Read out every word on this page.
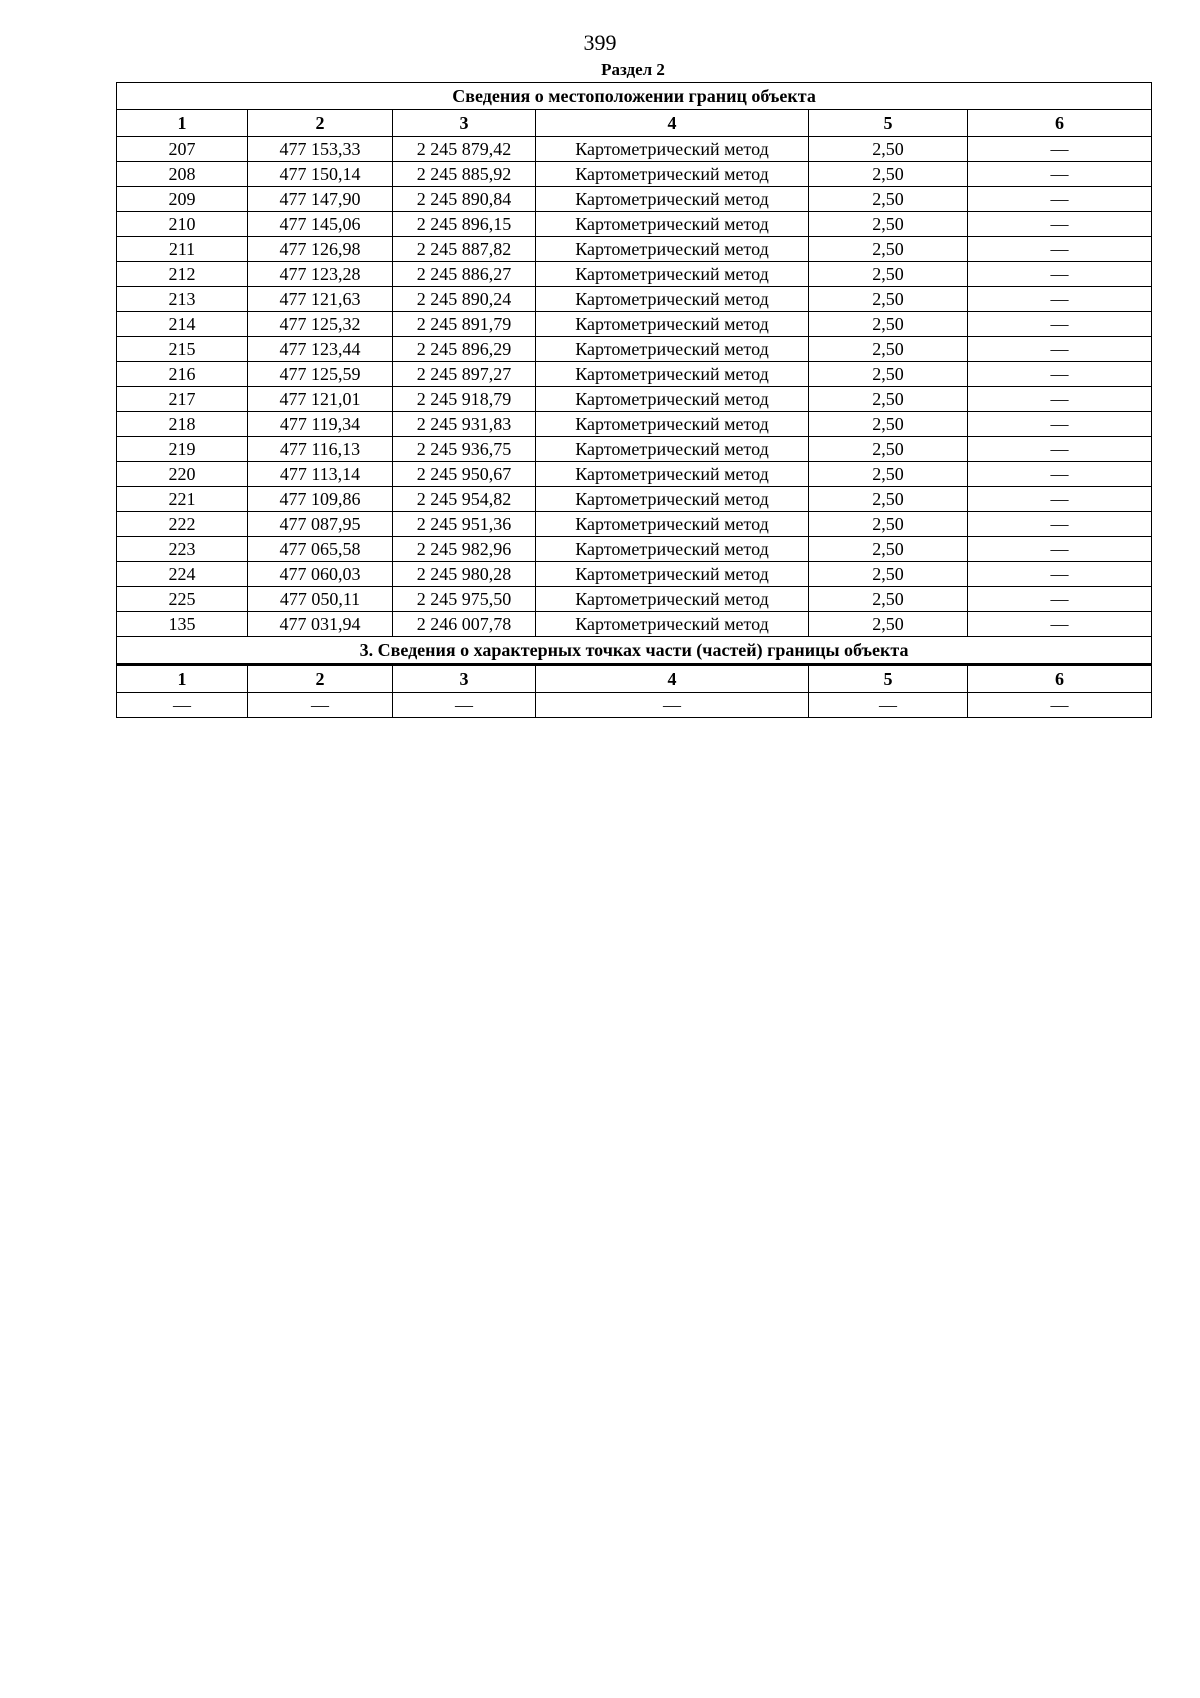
399
Раздел 2
Сведения о местоположении границ объекта					
1	2	3	4	5	6
207	477 153,33	2 245 879,42	Картометрический метод	2,50	—
208	477 150,14	2 245 885,92	Картометрический метод	2,50	—
209	477 147,90	2 245 890,84	Картометрический метод	2,50	—
210	477 145,06	2 245 896,15	Картометрический метод	2,50	—
211	477 126,98	2 245 887,82	Картометрический метод	2,50	—
212	477 123,28	2 245 886,27	Картометрический метод	2,50	—
213	477 121,63	2 245 890,24	Картометрический метод	2,50	—
214	477 125,32	2 245 891,79	Картометрический метод	2,50	—
215	477 123,44	2 245 896,29	Картометрический метод	2,50	—
216	477 125,59	2 245 897,27	Картометрический метод	2,50	—
217	477 121,01	2 245 918,79	Картометрический метод	2,50	—
218	477 119,34	2 245 931,83	Картометрический метод	2,50	—
219	477 116,13	2 245 936,75	Картометрический метод	2,50	—
220	477 113,14	2 245 950,67	Картометрический метод	2,50	—
221	477 109,86	2 245 954,82	Картометрический метод	2,50	—
222	477 087,95	2 245 951,36	Картометрический метод	2,50	—
223	477 065,58	2 245 982,96	Картометрический метод	2,50	—
224	477 060,03	2 245 980,28	Картометрический метод	2,50	—
225	477 050,11	2 245 975,50	Картометрический метод	2,50	—
135	477 031,94	2 246 007,78	Картометрический метод	2,50	—
3. Сведения о характерных точках части (частей) границы объекта					
1	2	3	4	5	6
—	—	—	—	—	—
